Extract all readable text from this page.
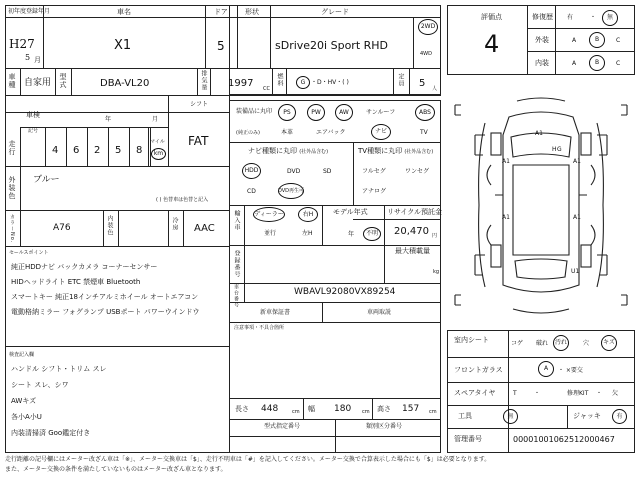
初年度登録年月
H27
5 月
車名
X1
ドア
5
形状	グレード
sDrive20i Sport RHD
2WD
4WD
車種 自家用 型式	DBA-VL20	排気量 1997 CC
燃料	G ・D・HV・( )	定員 5 人
車検
年	月
シフト
FAT
走行
記号
4 6 2 5 8
マイル
km
外装色 ブルー
( ) 色替車は色替と記入
カラーNo.	A76	内装色	冷房 AAC
セールスポイント
純正HDDナビ バックカメラ コーナーセンサー
HIDヘッドライト ETC 禁煙車 Bluetooth
スマートキー 純正18インチアルミホイール オートエアコン
電動格納ミラー フォグランプ USBポート パワーウインドウ
検査記入欄
ハンドル シフト・トリム スレ
シート スレ、シワ
AWキズ
各小A小U
内装清掃済 Goo鑑定付き
装備品に丸印
(純正のみ)
PS	PW	AW	サンルーフ	ABS
本革	エアバック	ナビ	TV
ナビ種類に丸印 (社外品含む)
HDD	DVD	SD
CD	DVD再生可
TV種類に丸印 (社外品含む)
フルセグ	ワンセグ
アナログ
輸入車 ディーラー	右H
並行	左H
モデル年式
年	不明
リサイクル預託金
20,470 円
登録番号	最大積載量
kg
車台番号	WBAVL92080VX89254
新車保証書	車両取説
注意事項・不具合箇所
長さ 448	cm 幅 180 cm 高さ 157 cm
型式指定番号	類別区分番号
評価点
4
修復歴 有	・	無
外装	A	B	C
内装	A	B	C
A1
H G
A1	A1
A1	A1
U1
室内シート	コゲ 破れ	汚れ	穴	キズ
フロントガラス	A	・ ×要交
スペアタイヤ	T	・	修理KIT ・ 欠
工具	無	ジャッキ	有
管理番号	00001001062512000467
走行距離の記号欄にはメーター改ざん車は「※」、メーター交換車は「$」、走行不明車は「#」を記入してください。メーター交換で合算表示した場合にも「$」は必要となります。
また、メーター交換の条件を満たしていないものはメーター改ざん車となります。
